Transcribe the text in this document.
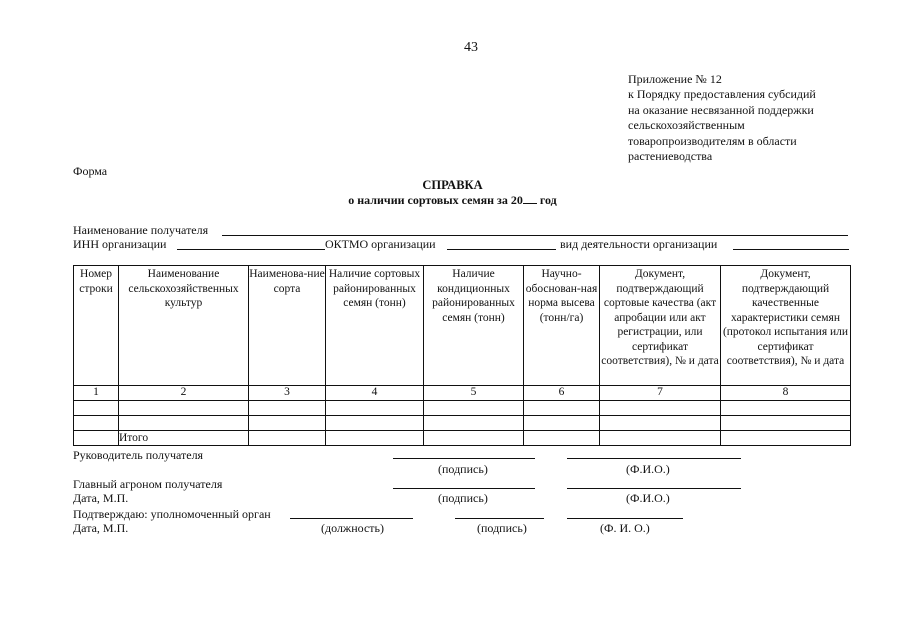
43
Приложение № 12
к Порядку предоставления субсидий
на оказание несвязанной поддержки
сельскохозяйственным
товаропроизводителям в области
растениеводства
Форма
СПРАВКА
о наличии сортовых семян за 20 год
Наименование получателя
ИНН организации	ОКТМО организации	вид деятельности организации
Номер строки	Наименование сельскохозяйственных культур	Наименова-ние сорта	Наличие сортовых районированных семян (тонн)	Наличие кондиционных районированных семян (тонн)	Научно-обоснован-ная норма высева (тонн/га)	Документ, подтверждающий сортовые качества (акт апробации или акт регистрации, или сертификат соответствия), № и дата	Документ, подтверждающий качественные характеристики семян (протокол испытания или сертификат соответствия), № и дата
1	2	3	4	5	6	7	8

	Итого						
Руководитель получателя
(подпись)	(Ф.И.О.)
Главный агроном получателя
Дата, М.П.	(подпись)	(Ф.И.О.)
Подтверждаю: уполномоченный орган
Дата, М.П.	(должность)	(подпись)	(Ф. И. О.)
